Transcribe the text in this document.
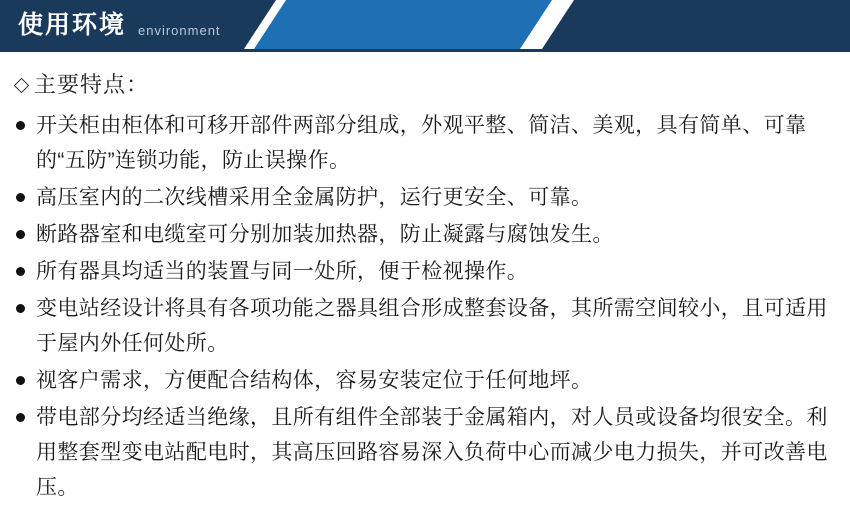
使用环境 environment
主要特点：
开关柜由柜体和可移开部件两部分组成，外观平整、简洁、美观，具有简单、可靠的“五防”连锁功能，防止误操作。
高压室内的二次线槽采用全金属防护，运行更安全、可靠。
断路器室和电缆室可分别加装加热器，防止凝露与腐蚀发生。
所有器具均适当的装置与同一处所，便于检视操作。
变电站经设计将具有各项功能之器具组合形成整套设备，其所需空间较小，且可适用于屋内外任何处所。
视客户需求，方便配合结构体，容易安装定位于任何地坪。
带电部分均经适当绝缘，且所有组件全部装于金属箱内，对人员或设备均很安全。利用整套型变电站配电时，其高压回路容易深入负荷中心而减少电力损失，并可改善电压。
